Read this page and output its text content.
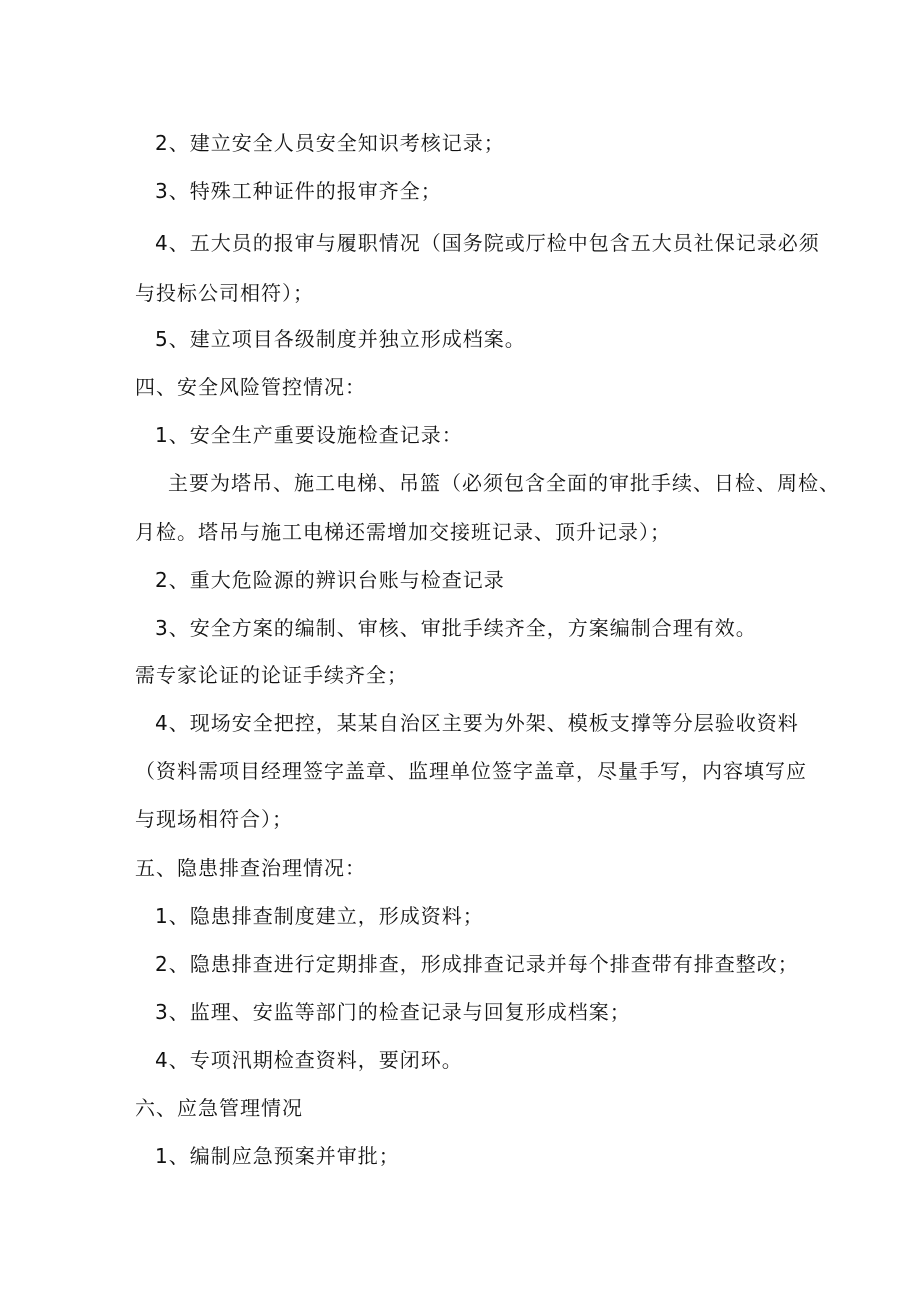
2、建立安全人员安全知识考核记录；
3、特殊工种证件的报审齐全；
4、五大员的报审与履职情况（国务院或厅检中包含五大员社保记录必须
与投标公司相符）；
5、建立项目各级制度并独立形成档案。
四、安全风险管控情况：
1、安全生产重要设施检查记录：
主要为塔吊、施工电梯、吊篮（必须包含全面的审批手续、日检、周检、
月检。塔吊与施工电梯还需增加交接班记录、顶升记录）；
2、重大危险源的辨识台账与检查记录
3、安全方案的编制、审核、审批手续齐全，方案编制合理有效。
需专家论证的论证手续齐全；
4、现场安全把控，某某自治区主要为外架、模板支撑等分层验收资料
（资料需项目经理签字盖章、监理单位签字盖章，尽量手写，内容填写应
与现场相符合）；
五、隐患排查治理情况：
1、隐患排查制度建立，形成资料；
2、隐患排查进行定期排查，形成排查记录并每个排查带有排查整改；
3、监理、安监等部门的检查记录与回复形成档案；
4、专项汛期检查资料，要闭环。
六、应急管理情况
1、编制应急预案并审批；
